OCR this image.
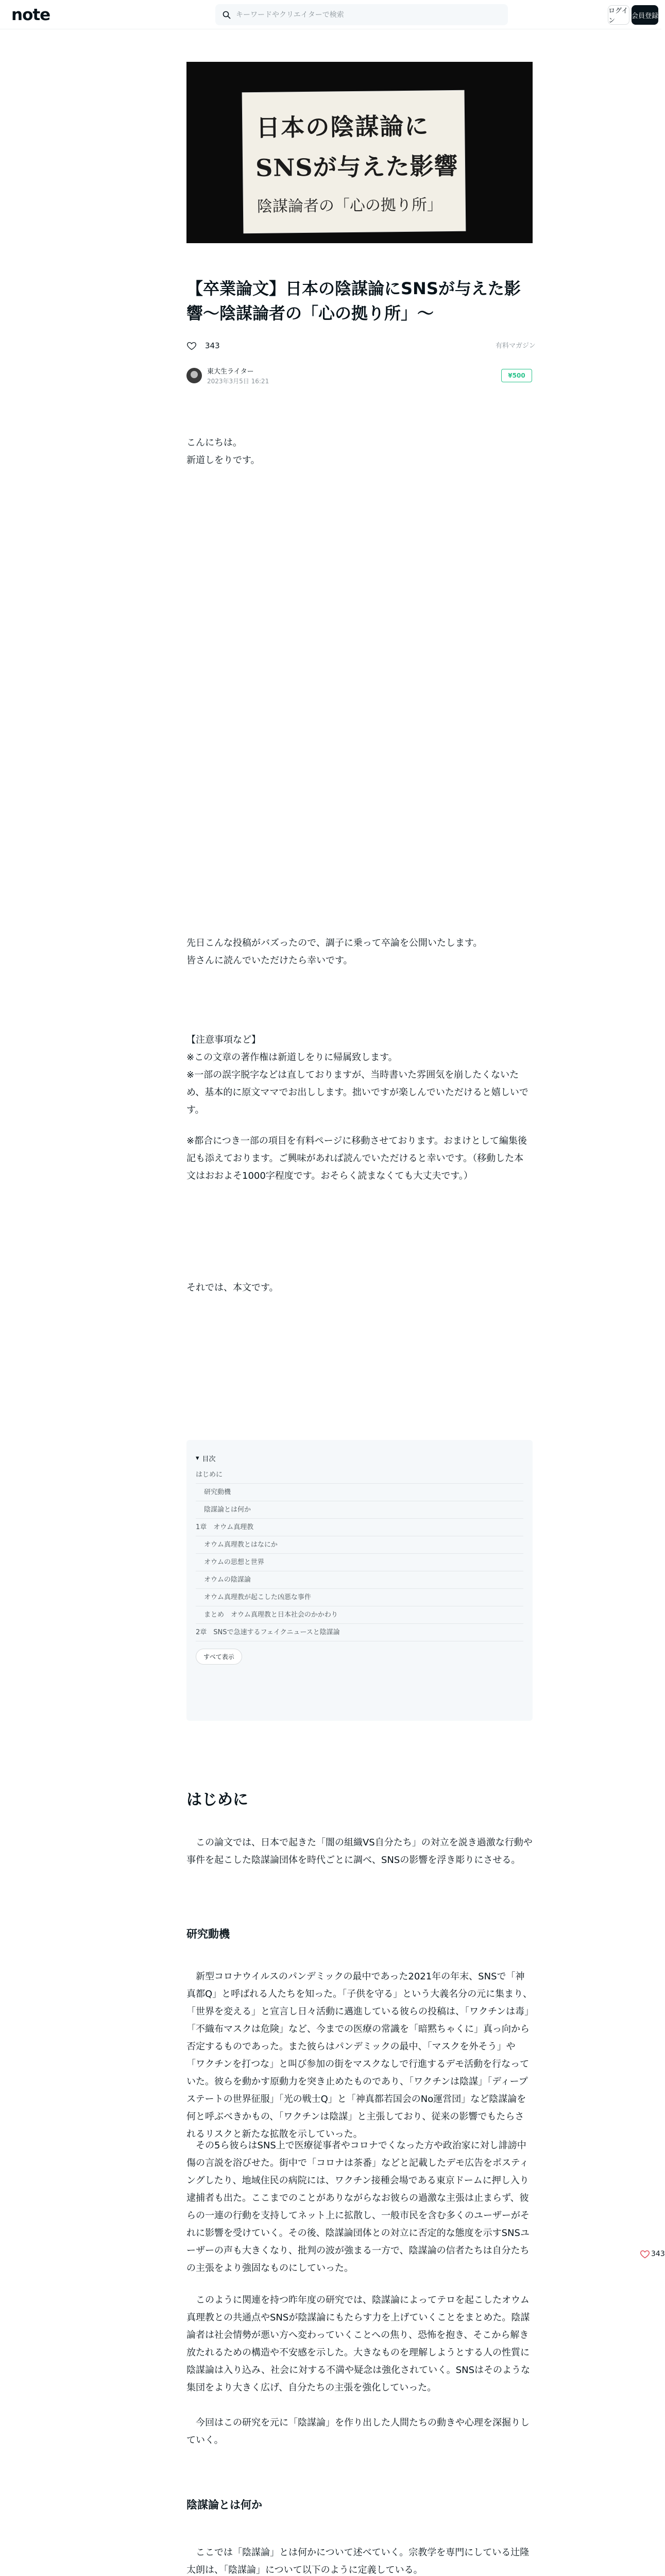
note
キーワードやクリエイターで検索	ログイン
会員登録
日本の陰謀論に
SNSが与えた影響
陰謀論者の「心の拠り所」
【卒業論文】日本の陰謀論にSNSが与えた影響〜陰謀論者の「心の拠り所」〜
343	有料マガジン
東大生ライター
2023年3月5日 16:21
¥500
こんにちは。
新道しをりです。
先日こんな投稿がバズったので、調子に乗って卒論を公開いたします。
皆さんに読んでいただけたら幸いです。
【注意事項など】
※この文章の著作権は新道しをりに帰属致します。
※一部の誤字脱字などは直しておりますが、当時書いた雰囲気を崩したくないため、基本的に原文ママでお出しします。拙いですが楽しんでいただけると嬉しいです。
※都合につき一部の項目を有料ページに移動させております。おまけとして編集後記も添えております。ご興味があれば読んでいただけると幸いです。（移動した本文はおおよそ1000字程度です。おそらく読まなくても大丈夫です。）
それでは、本文です。
▾ 目次
はじめに
研究動機
陰謀論とは何か
1章　オウム真理教
オウム真理教とはなにか
オウムの思想と世界
オウムの陰謀論
オウム真理教が起こした凶悪な事件
まとめ　オウム真理教と日本社会のかかわり
2章　SNSで急速するフェイクニュースと陰謀論
すべて表示
はじめに
この論文では、日本で起きた「闇の組織VS自分たち」の対立を説き過激な行動や事件を起こした陰謀論団体を時代ごとに調べ、SNSの影響を浮き彫りにさせる。
研究動機
新型コロナウイルスのパンデミックの最中であった2021年の年末、SNSで「神真都Q」と呼ばれる人たちを知った。「子供を守る」という大義名分の元に集まり、「世界を変える」と宣言し日々活動に邁進している彼らの投稿は、「ワクチンは毒」「不織布マスクは危険」など、今までの医療の常識を「暗黙ちゃくに」真っ向から否定するものであった。また彼らはパンデミックの最中、「マスクを外そう」や「ワクチンを打つな」と叫び参加の街をマスクなしで行進するデモ活動を行なっていた。彼らを動かす原動力を突き止めたものであり、「ワクチンは陰謀」「ディープステートの世界征服」「光の戦士Q」と「神真都若国会のNo運営団」など陰謀論を何と呼ぶべきかもの、「ワクチンは陰謀」と主張しており、従来の影響でもたらされるリスクと新たな拡散を示していった。
その5ら彼らはSNS上で医療従事者やコロナでくなった方や政治家に対し誹謗中傷の言説を浴びせた。街中で「コロナは茶番」などと記載したデモ広告をポスティングしたり、地域住民の病院には、ワクチン接種会場である東京ドームに押し入り逮捕者も出た。ここまでのことがありながらなお彼らの過激な主張は止まらず、彼らの一連の行動を支持してネット上に拡散し、一般市民を含む多くのユーザーがそれに影響を受けていく。その後、陰謀論団体との対立に否定的な態度を示すSNSユーザーの声も大きくなり、批判の波が強まる一方で、陰謀論の信者たちは自分たちの主張をより強固なものにしていった。
このように関連を持つ昨年度の研究では、陰謀論によってテロを起こしたオウム真理教との共通点やSNSが陰謀論にもたらす力を上げていくことをまとめた。陰謀論者は社会情勢が悪い方へ変わっていくことへの焦り、恐怖を抱き、そこから解き放たれるための構造や不安感を示した。大きなものを理解しようとする人の性質に陰謀論は入り込み、社会に対する不満や疑念は強化されていく。SNSはそのような集団をより大きく広げ、自分たちの主張を強化していった。
今回はこの研究を元に「陰謀論」を作り出した人間たちの動きや心理を深掘りしていく。
陰謀論とは何か
ここでは「陰謀論」とは何かについて述べていく。宗教学を専門にしている辻隆太朗は、「陰謀論」について以下のように定義している。

343
